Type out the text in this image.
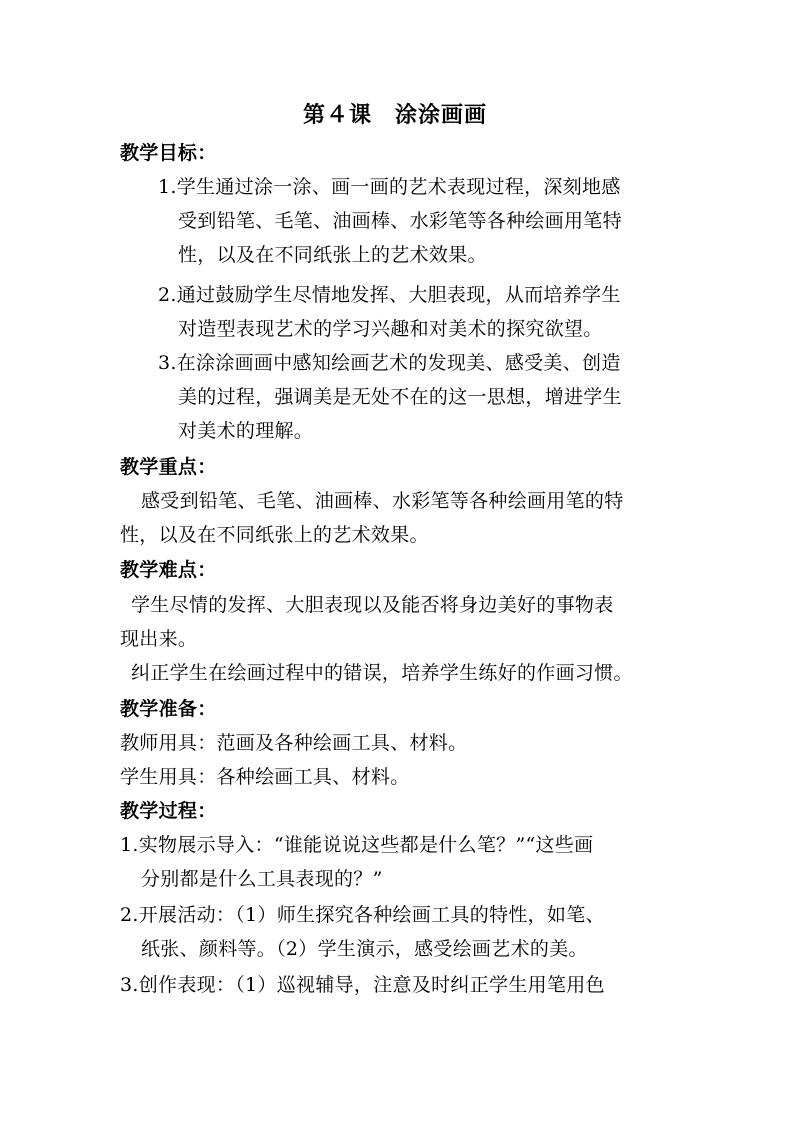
第４课　涂涂画画
教学目标：
1.学生通过涂一涂、画一画的艺术表现过程，深刻地感
受到铅笔、毛笔、油画棒、水彩笔等各种绘画用笔特
性，以及在不同纸张上的艺术效果。
2.通过鼓励学生尽情地发挥、大胆表现，从而培养学生
对造型表现艺术的学习兴趣和对美术的探究欲望。
3.在涂涂画画中感知绘画艺术的发现美、感受美、创造
美的过程，强调美是无处不在的这一思想，增进学生
对美术的理解。
教学重点：
感受到铅笔、毛笔、油画棒、水彩笔等各种绘画用笔的特
性，以及在不同纸张上的艺术效果。
教学难点：
学生尽情的发挥、大胆表现以及能否将身边美好的事物表
现出来。
纠正学生在绘画过程中的错误，培养学生练好的作画习惯。
教学准备：
教师用具：范画及各种绘画工具、材料。
学生用具：各种绘画工具、材料。
教学过程：
1.实物展示导入：“谁能说说这些都是什么笔？”“这些画
分别都是什么工具表现的？”
2.开展活动：（1）师生探究各种绘画工具的特性，如笔、
纸张、颜料等。（2）学生演示，感受绘画艺术的美。
3.创作表现：（1）巡视辅导，注意及时纠正学生用笔用色
